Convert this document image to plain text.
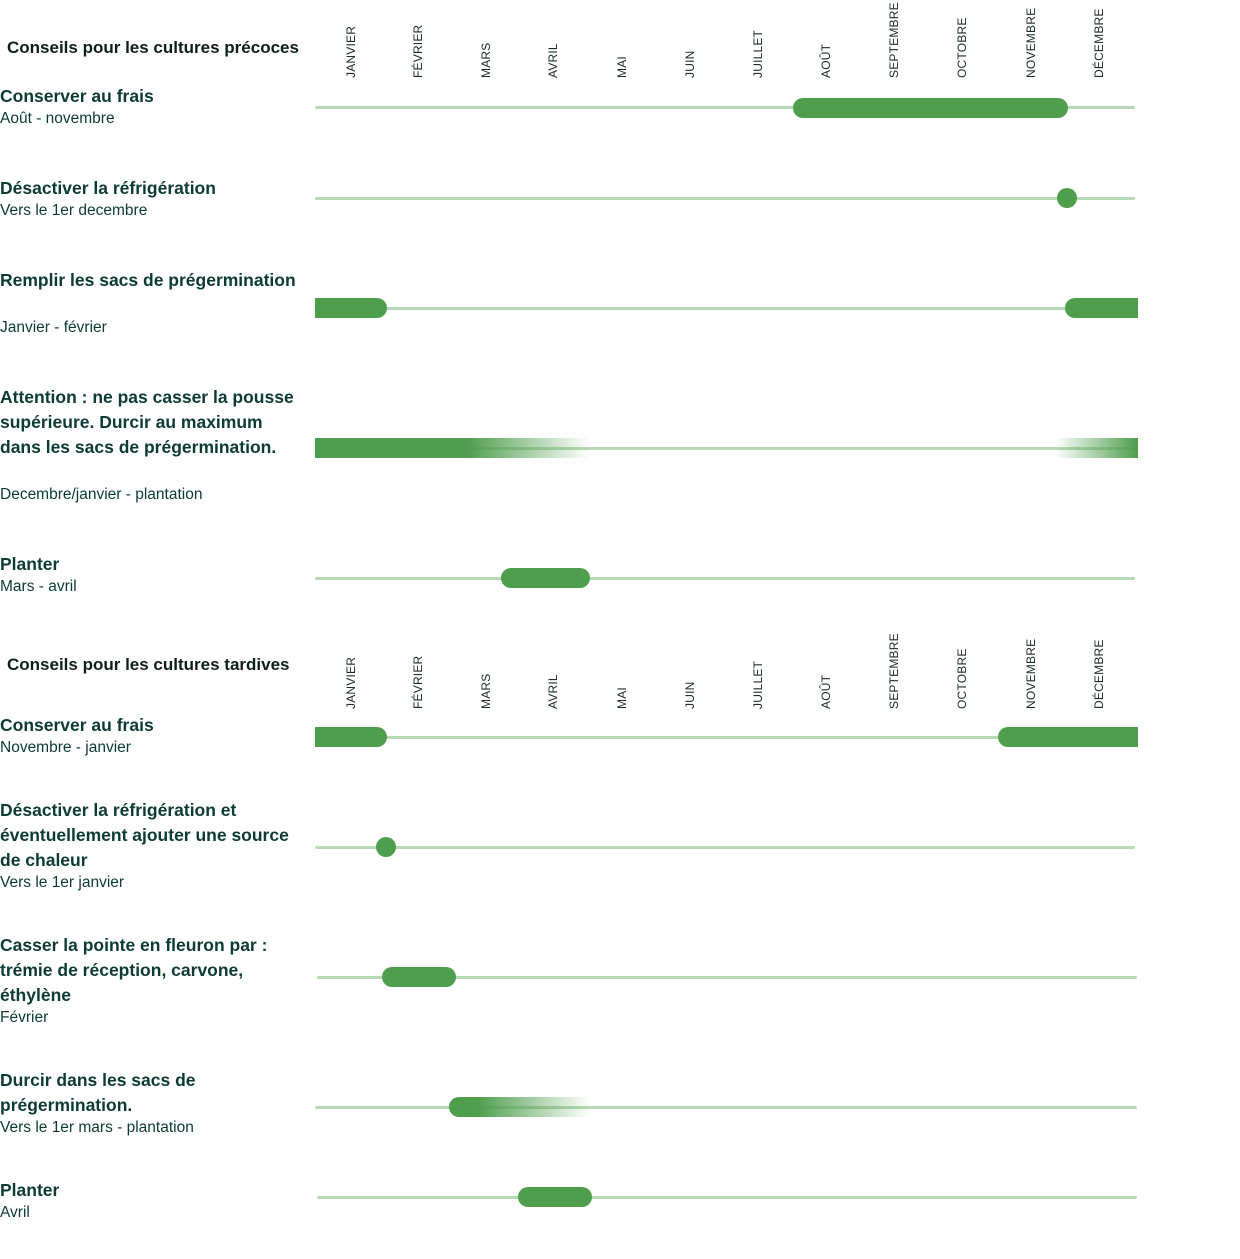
Conseils pour les cultures précoces	JANVIER	FÉVRIER	MARS	AVRIL	MAI	JUIN	JUILLET	AOÛT	SEPTEMBRE	OCTOBRE	NOVEMBRE	DÉCEMBRE
Conserver au frais
Août - novembre
Désactiver la réfrigération
Vers le 1er decembre
Remplir les sacs de prégermination
Janvier - février
Attention : ne pas casser la pousse supérieure. Durcir au maximum dans les sacs de prégermination.
Decembre/janvier - plantation
Planter
Mars - avril
Conseils pour les cultures tardives	JANVIER	FÉVRIER	MARS	AVRIL	MAI	JUIN	JUILLET	AOÛT	SEPTEMBRE	OCTOBRE	NOVEMBRE	DÉCEMBRE
Conserver au frais
Novembre - janvier
Désactiver la réfrigération et éventuellement ajouter une source de chaleur
Vers le 1er janvier
Casser la pointe en fleuron par : trémie de réception, carvone, éthylène
Février
Durcir dans les sacs de prégermination.
Vers le 1er mars - plantation
Planter
Avril
